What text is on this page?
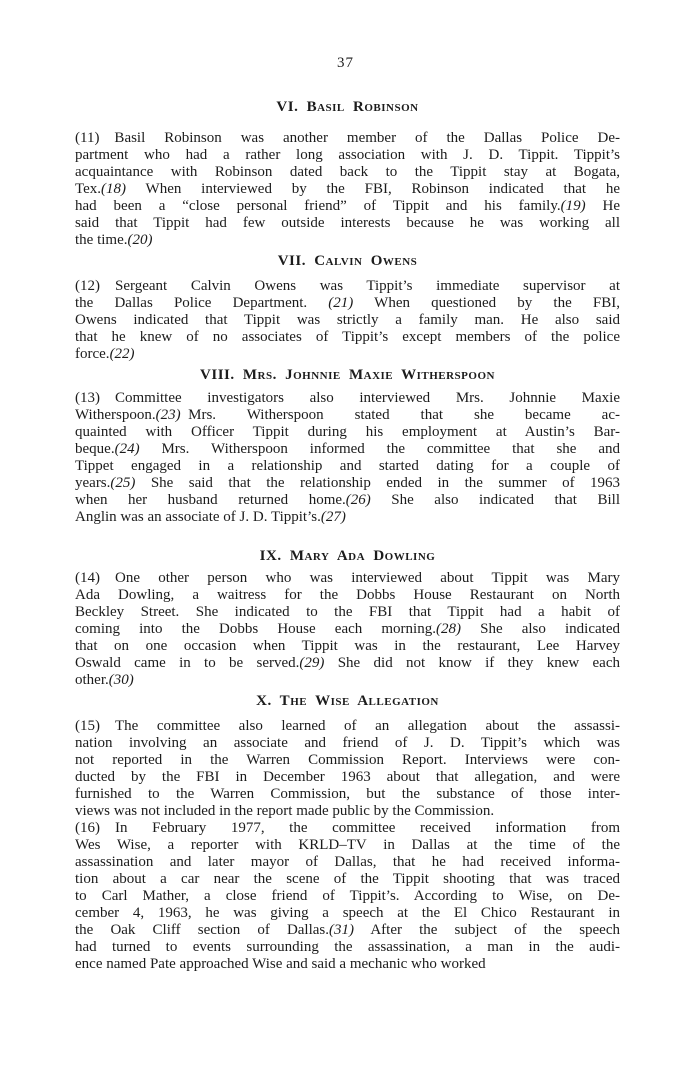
37
VI. Basil Robinson
(11) Basil Robinson was another member of the Dallas Police De-
partment who had a rather long association with J. D. Tippit. Tippit’s
acquaintance with Robinson dated back to the Tippit stay at Bogata,
Tex.(18) When interviewed by the FBI, Robinson indicated that he
had been a “close personal friend” of Tippit and his family.(19) He
said that Tippit had few outside interests because he was working all
the time.(20)
VII. Calvin Owens
(12) Sergeant Calvin Owens was Tippit’s immediate supervisor at
the Dallas Police Department. (21) When questioned by the FBI,
Owens indicated that Tippit was strictly a family man. He also said
that he knew of no associates of Tippit’s except members of the police
force.(22)
VIII. Mrs. Johnnie Maxie Witherspoon
(13) Committee investigators also interviewed Mrs. Johnnie Maxie
Witherspoon.(23) Mrs. Witherspoon stated that she became ac-
quainted with Officer Tippit during his employment at Austin’s Bar-
beque.(24) Mrs. Witherspoon informed the committee that she and
Tippet engaged in a relationship and started dating for a couple of
years.(25) She said that the relationship ended in the summer of 1963
when her husband returned home.(26) She also indicated that Bill
Anglin was an associate of J. D. Tippit’s.(27)
IX. Mary Ada Dowling
(14) One other person who was interviewed about Tippit was Mary
Ada Dowling, a waitress for the Dobbs House Restaurant on North
Beckley Street. She indicated to the FBI that Tippit had a habit of
coming into the Dobbs House each morning.(28) She also indicated
that on one occasion when Tippit was in the restaurant, Lee Harvey
Oswald came in to be served.(29) She did not know if they knew each
other.(30)
X. The Wise Allegation
(15) The committee also learned of an allegation about the assassi-
nation involving an associate and friend of J. D. Tippit’s which was
not reported in the Warren Commission Report. Interviews were con-
ducted by the FBI in December 1963 about that allegation, and were
furnished to the Warren Commission, but the substance of those inter-
views was not included in the report made public by the Commission.
(16) In February 1977, the committee received information from
Wes Wise, a reporter with KRLD–TV in Dallas at the time of the
assassination and later mayor of Dallas, that he had received informa-
tion about a car near the scene of the Tippit shooting that was traced
to Carl Mather, a close friend of Tippit’s. According to Wise, on De-
cember 4, 1963, he was giving a speech at the El Chico Restaurant in
the Oak Cliff section of Dallas.(31) After the subject of the speech
had turned to events surrounding the assassination, a man in the audi-
ence named Pate approached Wise and said a mechanic who worked
